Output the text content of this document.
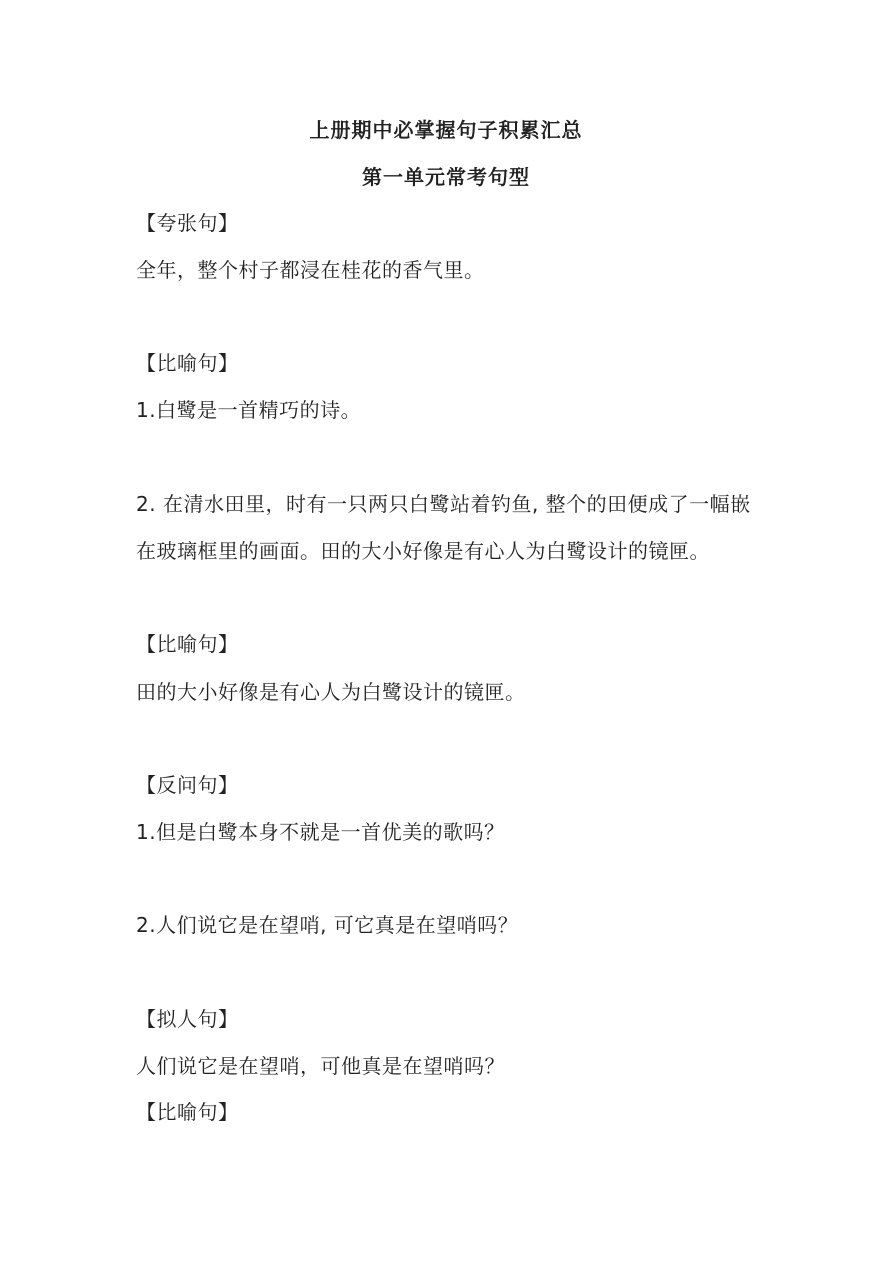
上册期中必掌握句子积累汇总
第一单元常考句型
【夸张句】
全年，整个村子都浸在桂花的香气里。
【比喻句】
1.白鹭是一首精巧的诗。
2. 在清水田里，时有一只两只白鹭站着钓鱼, 整个的田便成了一幅嵌
在玻璃框里的画面。田的大小好像是有心人为白鹭设计的镜匣。
【比喻句】
田的大小好像是有心人为白鹭设计的镜匣。
【反问句】
1.但是白鹭本身不就是一首优美的歌吗？
2.人们说它是在望哨, 可它真是在望哨吗？
【拟人句】
人们说它是在望哨，可他真是在望哨吗？
【比喻句】
